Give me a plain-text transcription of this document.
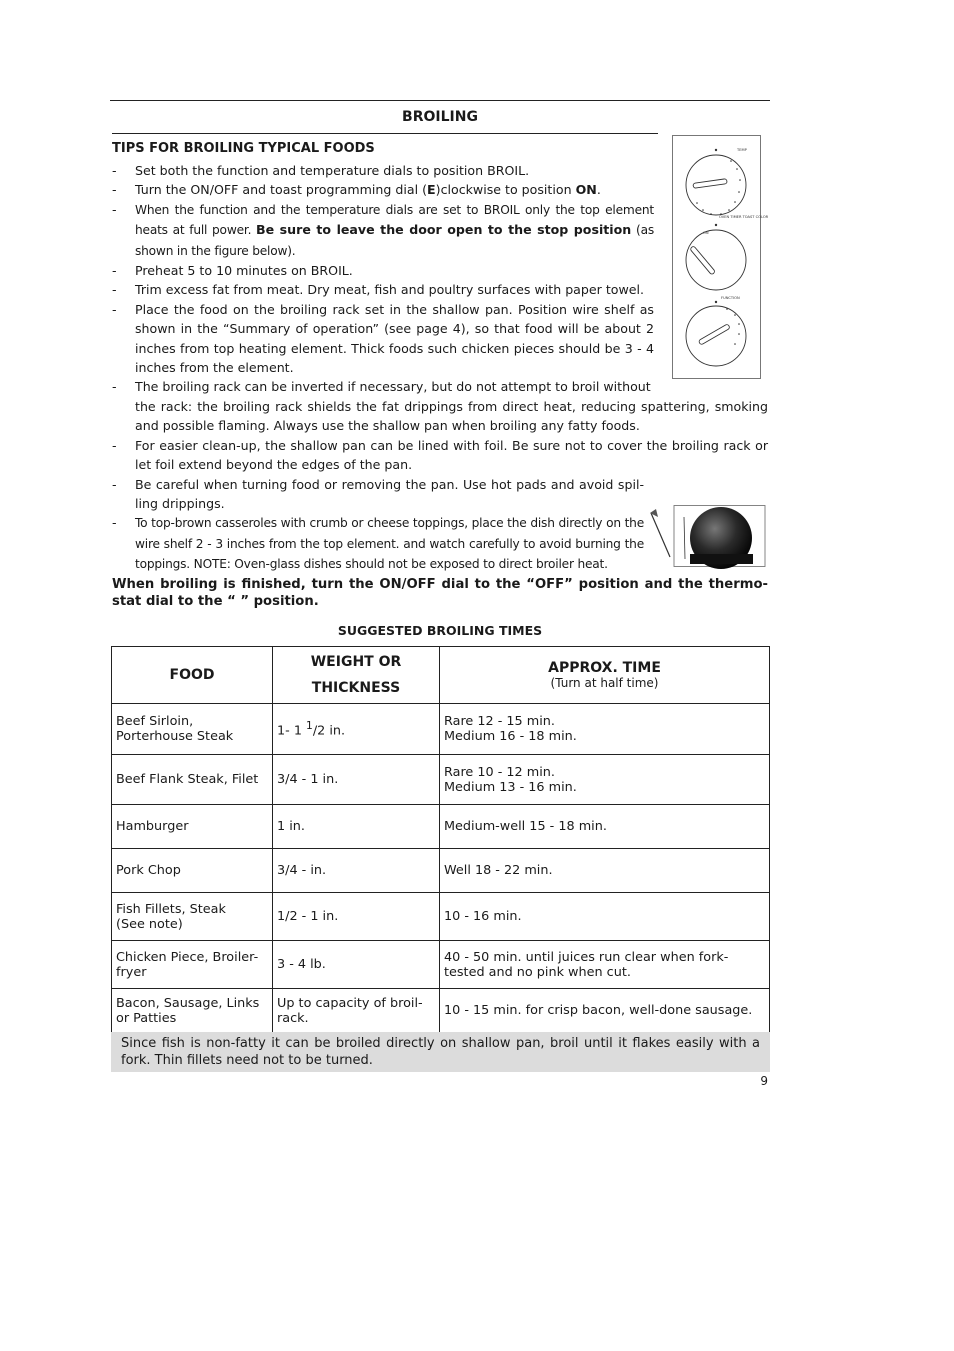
BROILING
TIPS FOR BROILING TYPICAL FOODS	TEMP
OVEN TIMER TOAST COLOR
ON
FUNCTION
- Set both the function and temperature dials to position BROIL.
- Turn the ON/OFF and toast programming dial (E)clockwise to position ON.
- When the function and the temperature dials are set to BROIL only the top element heats at full power. Be sure to leave the door open to the stop position (as shown in the figure below).
- Preheat 5 to 10 minutes on BROIL.
- Trim excess fat from meat. Dry meat, fish and poultry surfaces with paper towel.
- Place the food on the broiling rack set in the shallow pan. Position wire shelf as shown in the “Summary of operation” (see page 4), so that food will be about 2 inches from top heating element. Thick foods such chicken pieces should be 3 - 4 inches from the element.
- The broiling rack can be inverted if necessary, but do not attempt to broil without
the rack: the broiling rack shields the fat drippings from direct heat, reducing spattering, smoking and possible flaming. Always use the shallow pan when broiling any fatty foods.
- For easier clean-up, the shallow pan can be lined with foil. Be sure not to cover the broiling rack or let foil extend beyond the edges of the pan.
- Be careful when turning food or removing the pan. Use hot pads and avoid spil-ling drippings.
- To top-brown casseroles with crumb or cheese toppings, place the dish directly on the wire shelf 2 - 3 inches from the top element. and watch carefully to avoid burning the toppings. NOTE: Oven-glass dishes should not be exposed to direct broiler heat.
When broiling is finished, turn the ON/OFF dial to the “OFF” position and the thermo-stat dial to the “ ” position.
SUGGESTED BROILING TIMES
FOOD	WEIGHT OR THICKNESS	APPROX. TIME
(Turn at half time)

Beef Sirloin, Porterhouse Steak	1- 1 $^1$/2 in.	Rare 12 - 15 min.
Medium 16 - 18 min.
Beef Flank Steak, Filet	3/4 - 1 in.	Rare 10 - 12 min.
Medium 13 - 16 min.
Hamburger	1 in.	Medium-well 15 - 18 min.
Pork Chop	3/4 - in.	Well 18 - 22 min.
Fish Fillets, Steak
(See note)	1/2 - 1 in.	10 - 16 min.
Chicken Piece, Broiler-fryer	3 - 4 lb.	40 - 50 min. until juices run clear when fork-tested and no pink when cut.
Bacon, Sausage, Links or Patties	Up to capacity of broil-rack.	10 - 15 min. for crisp bacon, well-done sausage.
Since fish is non-fatty it can be broiled directly on shallow pan, broil until it flakes easily with a fork. Thin fillets need not to be turned.
9
